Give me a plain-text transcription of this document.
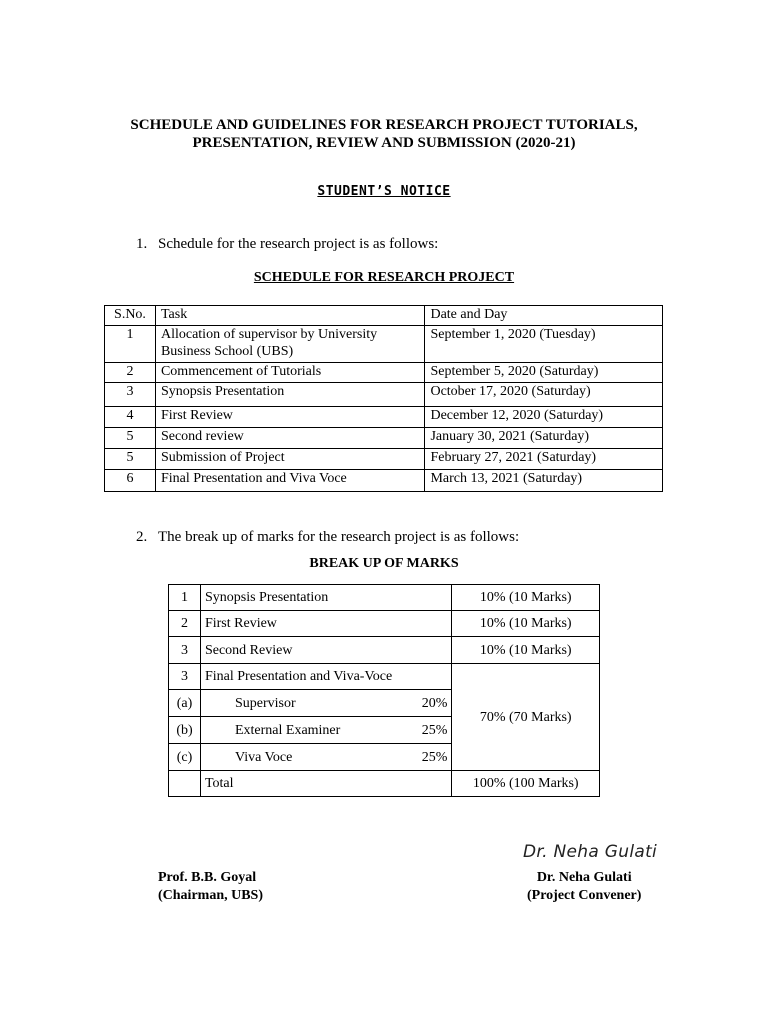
SCHEDULE AND GUIDELINES FOR RESEARCH PROJECT TUTORIALS,
PRESENTATION, REVIEW AND SUBMISSION (2020-21)
STUDENT’S NOTICE
1. Schedule for the research project is as follows:
SCHEDULE FOR RESEARCH PROJECT
S.No.	Task	Date and Day
1	Allocation of supervisor by University Business School (UBS)	September 1, 2020 (Tuesday)
2	Commencement of Tutorials	September 5, 2020 (Saturday)
3	Synopsis Presentation	October 17, 2020 (Saturday)
4	First Review	December 12, 2020 (Saturday)
5	Second review	January 30, 2021 (Saturday)
5	Submission of Project	February 27, 2021 (Saturday)
6	Final Presentation and Viva Voce	March 13, 2021 (Saturday)
2. The break up of marks for the research project is as follows:
BREAK UP OF MARKS
1	Synopsis Presentation	10% (10 Marks)
2	First Review	10% (10 Marks)
3	Second Review	10% (10 Marks)
3	Final Presentation and Viva-Voce	70% (70 Marks)
(a)	Supervisor 20%	

(b)	External Examiner 25%	

(c)	Viva Voce 25%	

	Total	100% (100 Marks)
Dr. Neha Gulati
Prof. B.B. Goyal
(Chairman, UBS)
Dr. Neha Gulati
(Project Convener)
